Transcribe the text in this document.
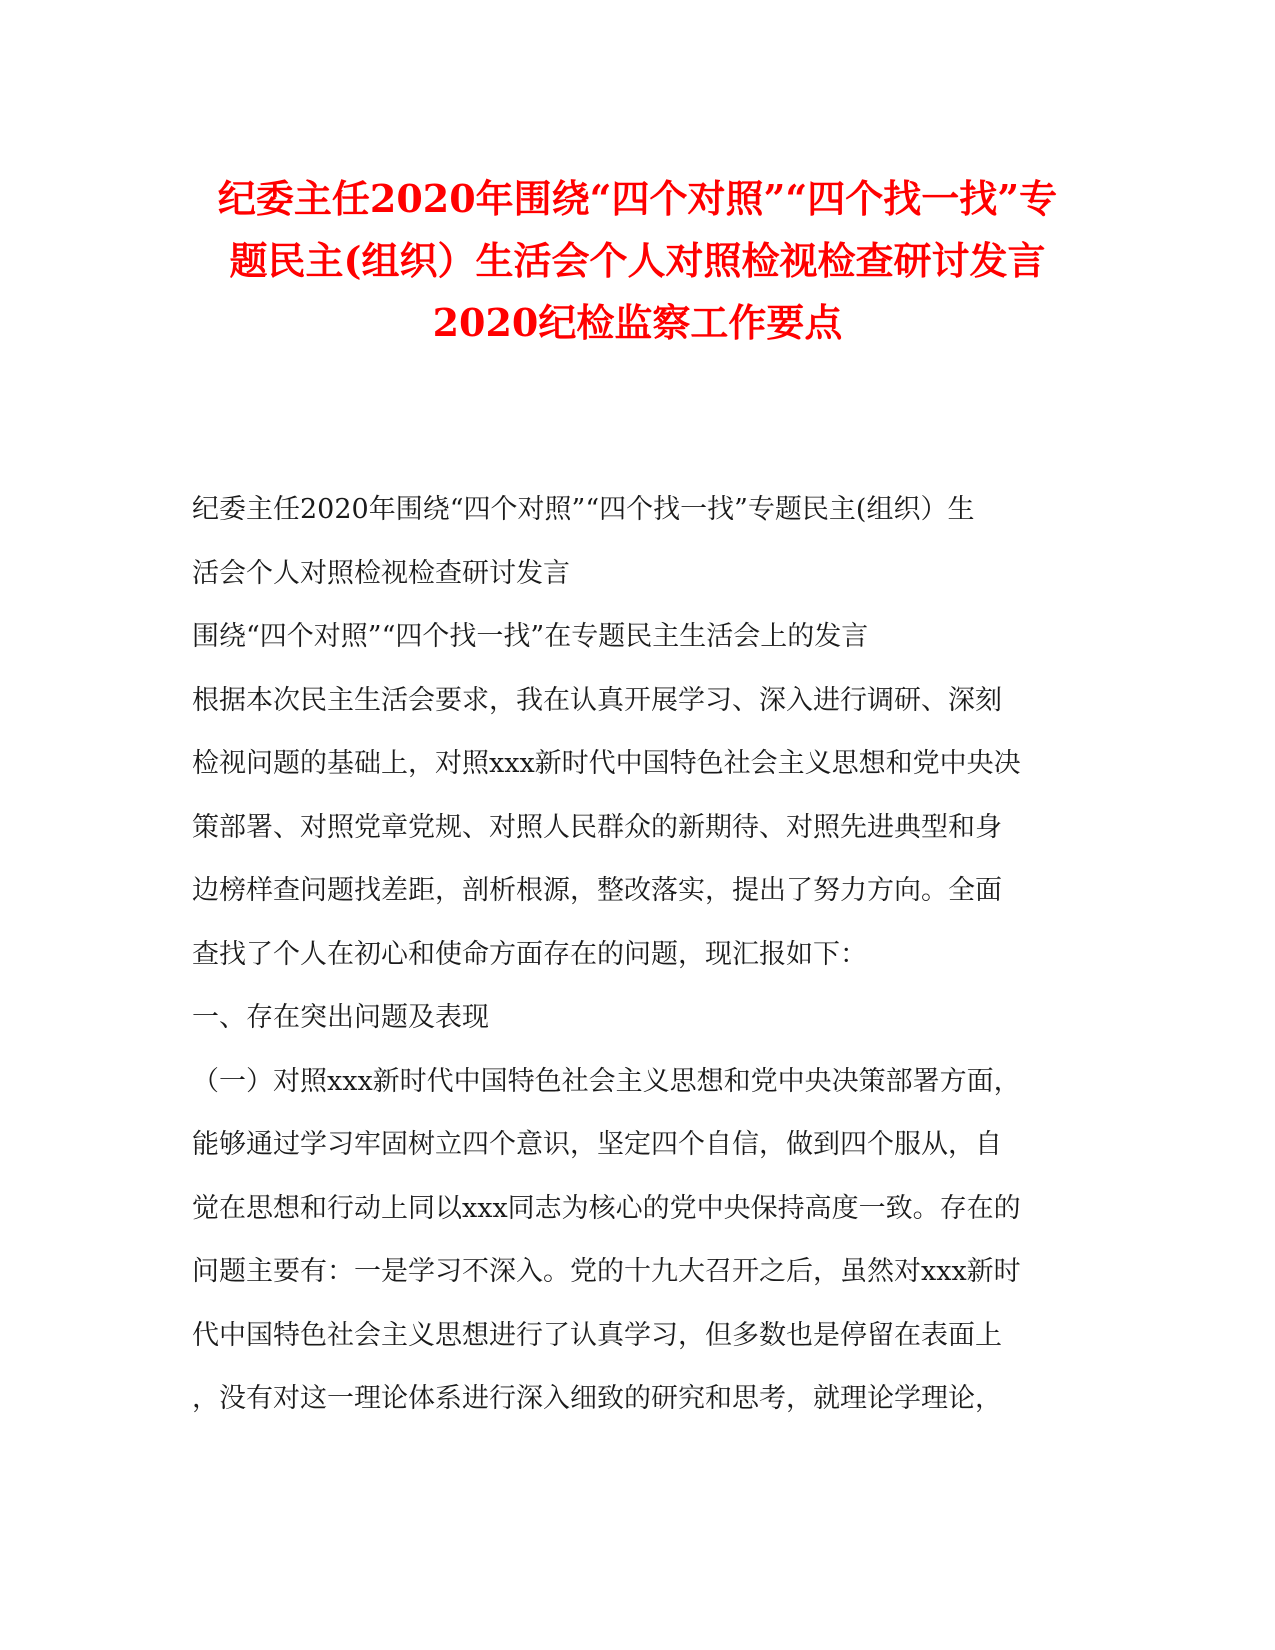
纪委主任2020年围绕“四个对照”“四个找一找”专
题民主(组织）生活会个人对照检视检查研讨发言
2020纪检监察工作要点
纪委主任2020年围绕“四个对照”“四个找一找”专题民主(组织）生
活会个人对照检视检查研讨发言
围绕“四个对照”“四个找一找”在专题民主生活会上的发言
根据本次民主生活会要求，我在认真开展学习、深入进行调研、深刻
检视问题的基础上，对照xxx新时代中国特色社会主义思想和党中央决
策部署、对照党章党规、对照人民群众的新期待、对照先进典型和身
边榜样查问题找差距，剖析根源，整改落实，提出了努力方向。全面
查找了个人在初心和使命方面存在的问题，现汇报如下：
一、存在突出问题及表现
（一）对照xxx新时代中国特色社会主义思想和党中央决策部署方面，
能够通过学习牢固树立四个意识，坚定四个自信，做到四个服从，自
觉在思想和行动上同以xxx同志为核心的党中央保持高度一致。存在的
问题主要有：一是学习不深入。党的十九大召开之后，虽然对xxx新时
代中国特色社会主义思想进行了认真学习，但多数也是停留在表面上
，没有对这一理论体系进行深入细致的研究和思考，就理论学理论，
